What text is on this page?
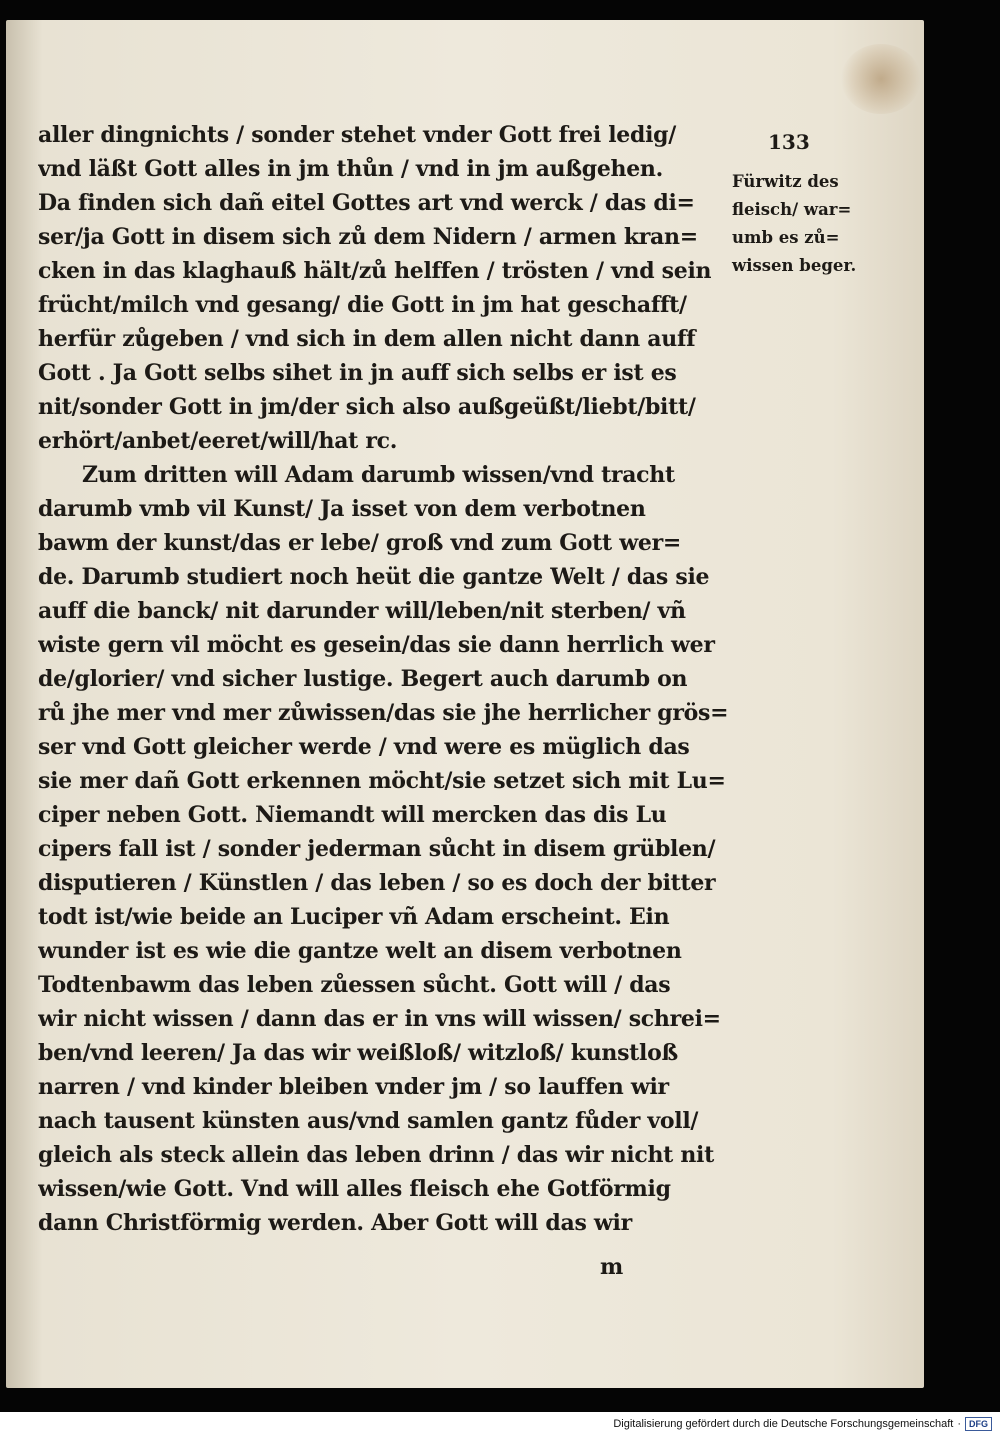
aller dingnichts / sonder stehet vnder Gott frei ledig/
vnd läßt Gott alles in jm thůn / vnd in jm außgehen.
Da finden sich dañ eitel Gottes art vnd werck / das di=
ser/ja Gott in disem sich zů dem Nidern / armen kran=
cken in das klaghauß hält/zů helffen / trösten / vnd sein
frücht/milch vnd gesang/ die Gott in jm hat geschafft/
herfür zůgeben / vnd sich in dem allen nicht dann auff
Gott . Ja Gott selbs sihet in jn auff sich selbs er ist es
nit/sonder Gott in jm/der sich also außgeüßt/liebt/bitt/
erhört/anbet/eeret/will/hat rc.
Zum dritten will Adam darumb wissen/vnd tracht
darumb vmb vil Kunst/ Ja isset von dem verbotnen
bawm der kunst/das er lebe/ groß vnd zum Gott wer=
de. Darumb studiert noch heüt die gantze Welt / das sie
auff die banck/ nit darunder will/leben/nit sterben/ vñ
wiste gern vil möcht es gesein/das sie dann herrlich wer
de/glorier/ vnd sicher lustige. Begert auch darumb on
rů jhe mer vnd mer zůwissen/das sie jhe herrlicher grös=
ser vnd Gott gleicher werde / vnd were es müglich das
sie mer dañ Gott erkennen möcht/sie setzet sich mit Lu=
ciper neben Gott. Niemandt will mercken das dis Lu
cipers fall ist / sonder jederman sůcht in disem grüblen/
disputieren / Künstlen / das leben / so es doch der bitter
todt ist/wie beide an Luciper vñ Adam erscheint. Ein
wunder ist es wie die gantze welt an disem verbotnen
Todtenbawm das leben zůessen sůcht. Gott will / das
wir nicht wissen / dann das er in vns will wissen/ schrei=
ben/vnd leeren/ Ja das wir weißloß/ witzloß/ kunstloß
narren / vnd kinder bleiben vnder jm / so lauffen wir
nach tausent künsten aus/vnd samlen gantz fůder voll/
gleich als steck allein das leben drinn / das wir nicht nit
wissen/wie Gott. Vnd will alles fleisch ehe Gotförmig
dann Christförmig werden. Aber Gott will das wir
133
Fürwitz des
fleisch/ war=
umb es zů=
wissen beger.
m
Digitalisierung gefördert durch die Deutsche Forschungsgemeinschaft · DFG
